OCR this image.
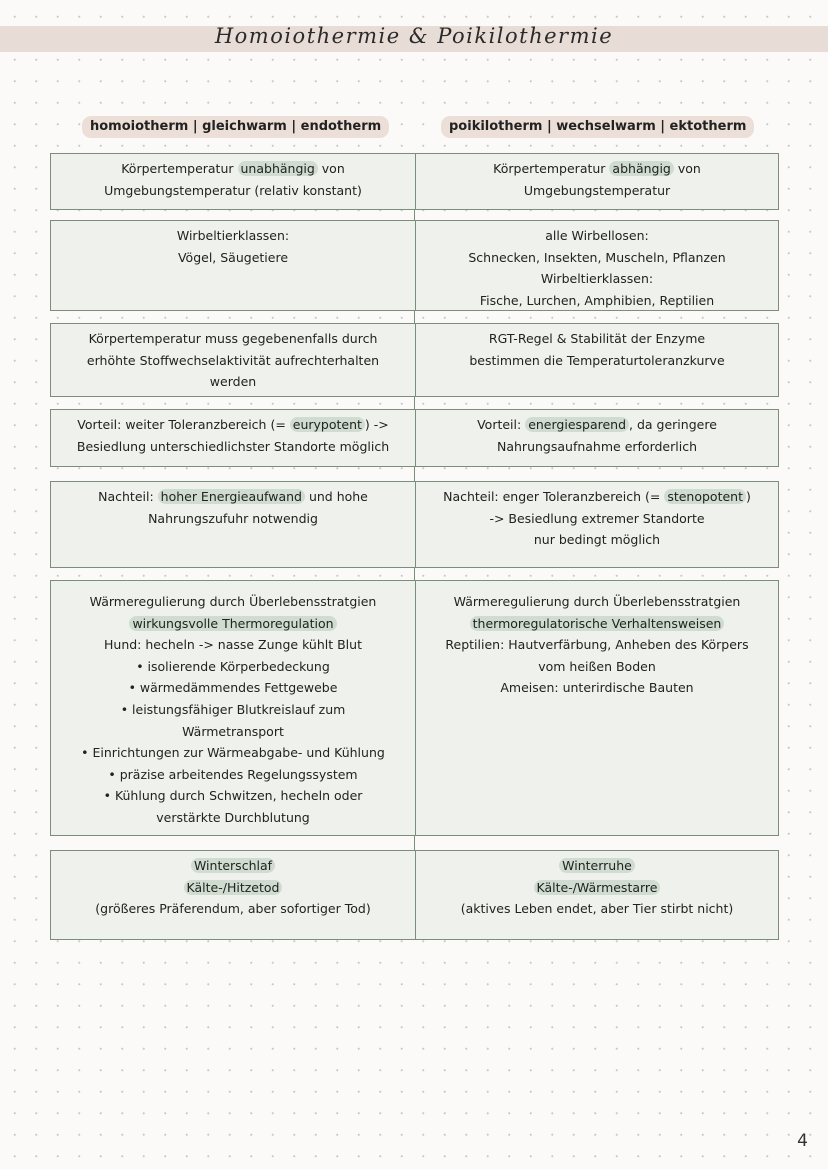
Homoiothermie & Poikilothermie
homoiotherm | gleichwarm | endotherm	poikilotherm | wechselwarm | ektotherm
Körpertemperatur unabhängig von
Umgebungstemperatur (relativ konstant)
Körpertemperatur abhängig von
Umgebungstemperatur
Wirbeltierklassen:
Vögel, Säugetiere
alle Wirbellosen:
Schnecken, Insekten, Muscheln, Pflanzen
Wirbeltierklassen:
Fische, Lurchen, Amphibien, Reptilien
Körpertemperatur muss gegebenenfalls durch
erhöhte Stoffwechselaktivität aufrechterhalten
werden
RGT-Regel & Stabilität der Enzyme
bestimmen die Temperaturtoleranzkurve
Vorteil: weiter Toleranzbereich (= eurypotent ) ->
Besiedlung unterschiedlichster Standorte möglich
Vorteil: energiesparend , da geringere
Nahrungsaufnahme erforderlich
Nachteil: hoher Energieaufwand und hohe
Nahrungszufuhr notwendig
Nachteil: enger Toleranzbereich (= stenopotent )
-> Besiedlung extremer Standorte
nur bedingt möglich
Wärmeregulierung durch Überlebensstratgien
wirkungsvolle Thermoregulation
Hund: hecheln -> nasse Zunge kühlt Blut
• isolierende Körperbedeckung
• wärmedämmendes Fettgewebe
• leistungsfähiger Blutkreislauf zum
Wärmetransport
• Einrichtungen zur Wärmeabgabe- und Kühlung
• präzise arbeitendes Regelungssystem
• Kühlung durch Schwitzen, hecheln oder
verstärkte Durchblutung
Wärmeregulierung durch Überlebensstratgien
thermoregulatorische Verhaltensweisen
Reptilien: Hautverfärbung, Anheben des Körpers
vom heißen Boden
Ameisen: unterirdische Bauten
Winterschlaf
Kälte-/Hitzetod
(größeres Präferendum, aber sofortiger Tod)
Winterruhe
Kälte-/Wärmestarre
(aktives Leben endet, aber Tier stirbt nicht)
4
